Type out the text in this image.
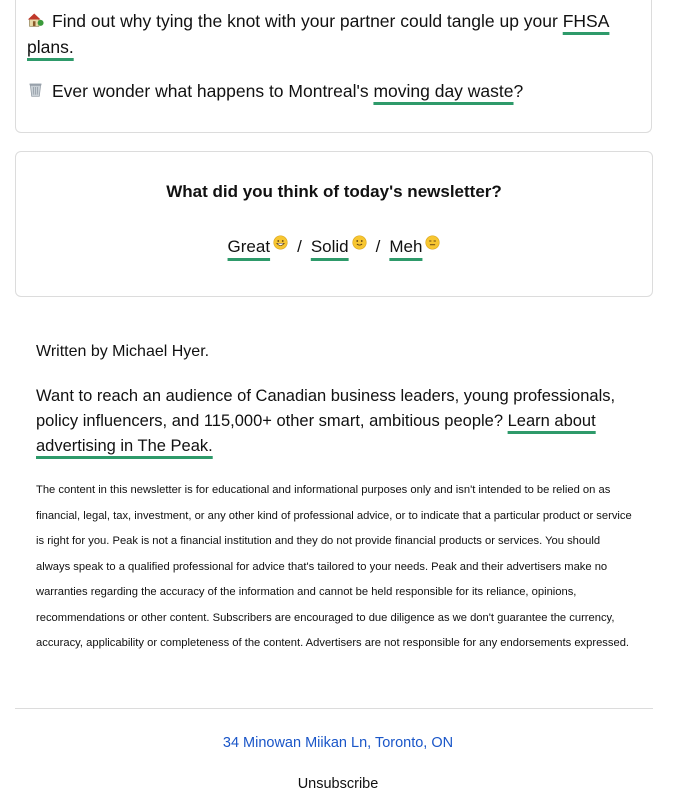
Find out why tying the knot with your partner could tangle up your FHSA plans.
Ever wonder what happens to Montreal's moving day waste?
What did you think of today's newsletter?
Great / Solid / Meh
Written by Michael Hyer.
Want to reach an audience of Canadian business leaders, young professionals, policy influencers, and 115,000+ other smart, ambitious people? Learn about advertising in The Peak.
The content in this newsletter is for educational and informational purposes only and isn't intended to be relied on as financial, legal, tax, investment, or any other kind of professional advice, or to indicate that a particular product or service is right for you. Peak is not a financial institution and they do not provide financial products or services. You should always speak to a qualified professional for advice that's tailored to your needs. Peak and their advertisers make no warranties regarding the accuracy of the information and cannot be held responsible for its reliance, opinions, recommendations or other content. Subscribers are encouraged to due diligence as we don't guarantee the currency, accuracy, applicability or completeness of the content. Advertisers are not responsible for any endorsements expressed.
34 Minowan Miikan Ln, Toronto, ON
Unsubscribe
